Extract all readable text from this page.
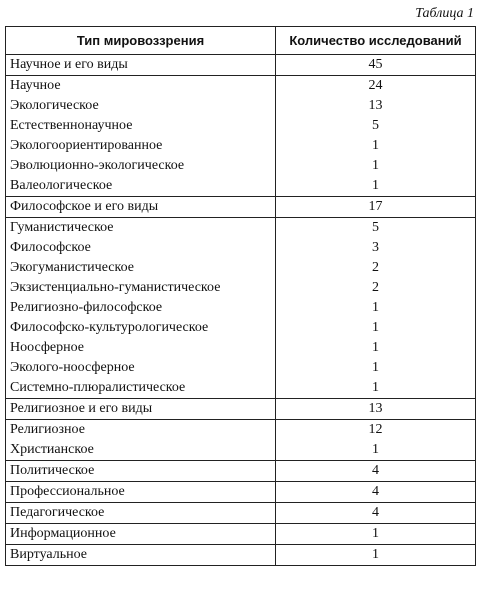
Таблица 1
Тип мировоззрения	Количество исследований
Научное и его виды	45
Научное	24
Экологическое	13
Естественнонаучное	5
Экологоориентированное	1
Эволюционно-экологическое	1
Валеологическое	1
Философское и его виды	17
Гуманистическое	5
Философское	3
Экогуманистическое	2
Экзистенциально-гуманистическое	2
Религиозно-философское	1
Философско-культурологическое	1
Ноосферное	1
Эколого-ноосферное	1
Системно-плюралистическое	1
Религиозное и его виды	13
Религиозное	12
Христианское	1
Политическое	4
Профессиональное	4
Педагогическое	4
Информационное	1
Виртуальное	1
